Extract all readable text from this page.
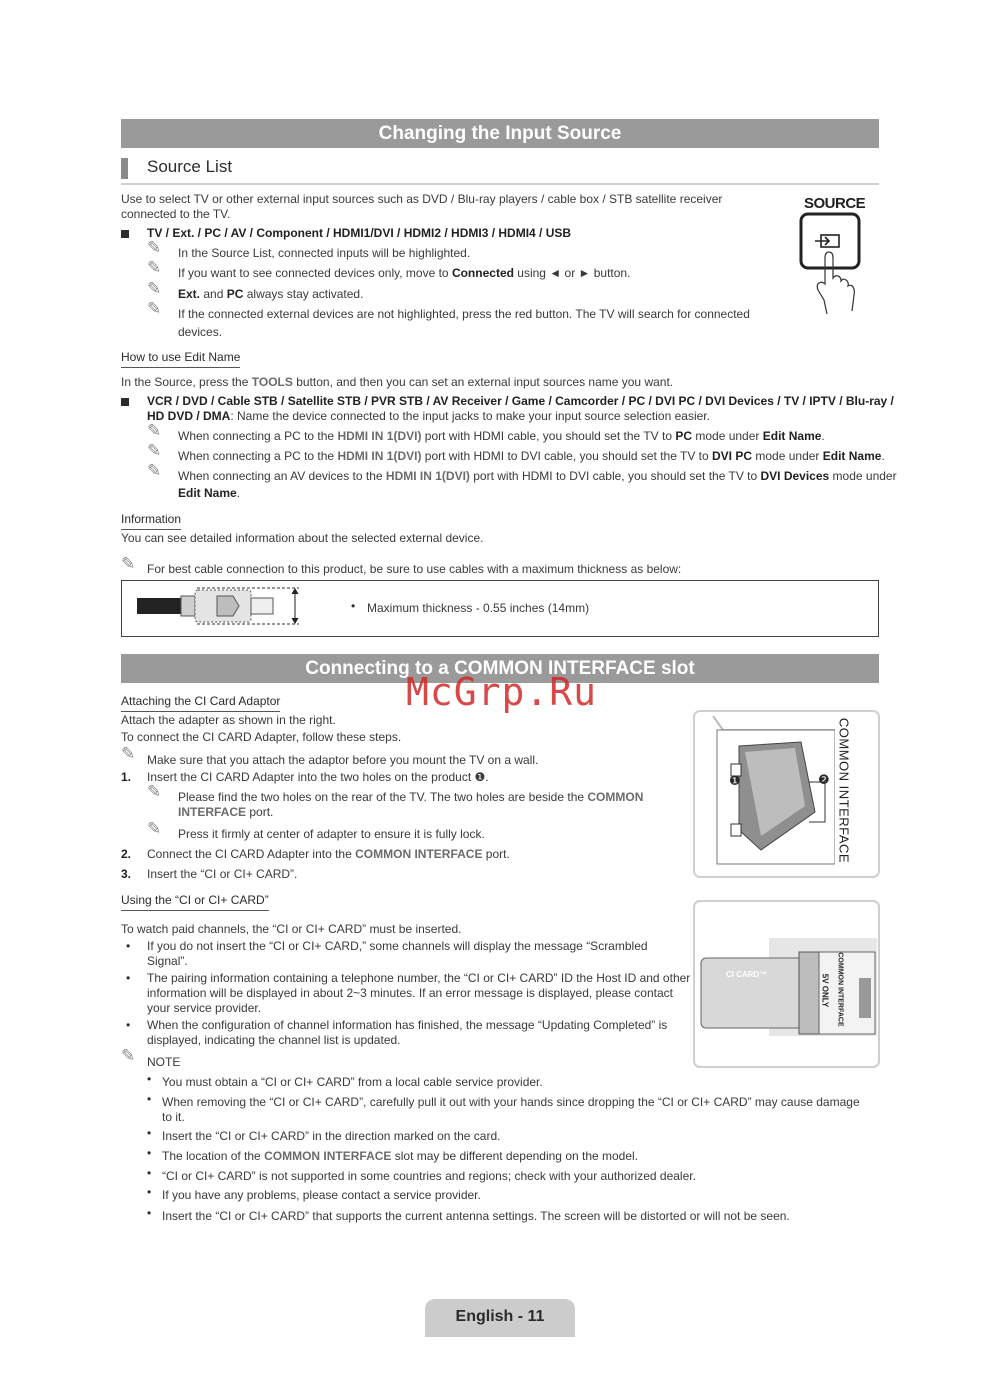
Changing the Input Source
Source List
Use to select TV or other external input sources such as DVD / Blu-ray players / cable box / STB satellite receiver
connected to the TV.
TV / Ext. / PC / AV / Component / HDMI1/DVI / HDMI2 / HDMI3 / HDMI4 / USB
✎ In the Source List, connected inputs will be highlighted.
✎ If you want to see connected devices only, move to Connected using ◄ or ► button.
✎ Ext. and PC always stay activated.
✎ If the connected external devices are not highlighted, press the red button. The TV will search for connected
devices.
SOURCE
How to use Edit Name
In the Source, press the TOOLS button, and then you can set an external input sources name you want.
VCR / DVD / Cable STB / Satellite STB / PVR STB / AV Receiver / Game / Camcorder / PC / DVI PC / DVI Devices / TV / IPTV / Blu-ray /
HD DVD / DMA: Name the device connected to the input jacks to make your input source selection easier.
✎ When connecting a PC to the HDMI IN 1(DVI) port with HDMI cable, you should set the TV to PC mode under Edit Name.
✎ When connecting a PC to the HDMI IN 1(DVI) port with HDMI to DVI cable, you should set the TV to DVI PC mode under Edit Name.
✎ When connecting an AV devices to the HDMI IN 1(DVI) port with HDMI to DVI cable, you should set the TV to DVI Devices mode under
Edit Name.
Information
You can see detailed information about the selected external device.
✎ For best cable connection to this product, be sure to use cables with a maximum thickness as below:
• Maximum thickness - 0.55 inches (14mm)
Connecting to a COMMON INTERFACE slot
Attaching the CI Card Adaptor
Attach the adapter as shown in the right.
To connect the CI CARD Adapter, follow these steps.
✎ Make sure that you attach the adaptor before you mount the TV on a wall.
1. Insert the CI CARD Adapter into the two holes on the product ❶.
✎ Please find the two holes on the rear of the TV. The two holes are beside the COMMON
INTERFACE port.
✎ Press it firmly at center of adapter to ensure it is fully lock.
2. Connect the CI CARD Adapter into the COMMON INTERFACE port.
3. Insert the “CI or CI+ CARD”.
❶	❷ COMMON INTERFACE
Using the “CI or CI+ CARD”
To watch paid channels, the “CI or CI+ CARD” must be inserted.
• If you do not insert the “CI or CI+ CARD,” some channels will display the message “Scrambled
Signal”.
• The pairing information containing a telephone number, the “CI or CI+ CARD” ID the Host ID and other
information will be displayed in about 2~3 minutes. If an error message is displayed, please contact
your service provider.
• When the configuration of channel information has finished, the message “Updating Completed” is
displayed, indicating the channel list is updated.
CI CARD™	COMMON INTERFACE
5V ONLY
✎ NOTE
• You must obtain a “CI or CI+ CARD” from a local cable service provider.
• When removing the “CI or CI+ CARD”, carefully pull it out with your hands since dropping the “CI or CI+ CARD” may cause damage
to it.
• Insert the “CI or CI+ CARD” in the direction marked on the card.
• The location of the COMMON INTERFACE slot may be different depending on the model.
• “CI or CI+ CARD” is not supported in some countries and regions; check with your authorized dealer.
• If you have any problems, please contact a service provider.
• Insert the “CI or CI+ CARD” that supports the current antenna settings. The screen will be distorted or will not be seen.
McGrp.Ru
English - 11
